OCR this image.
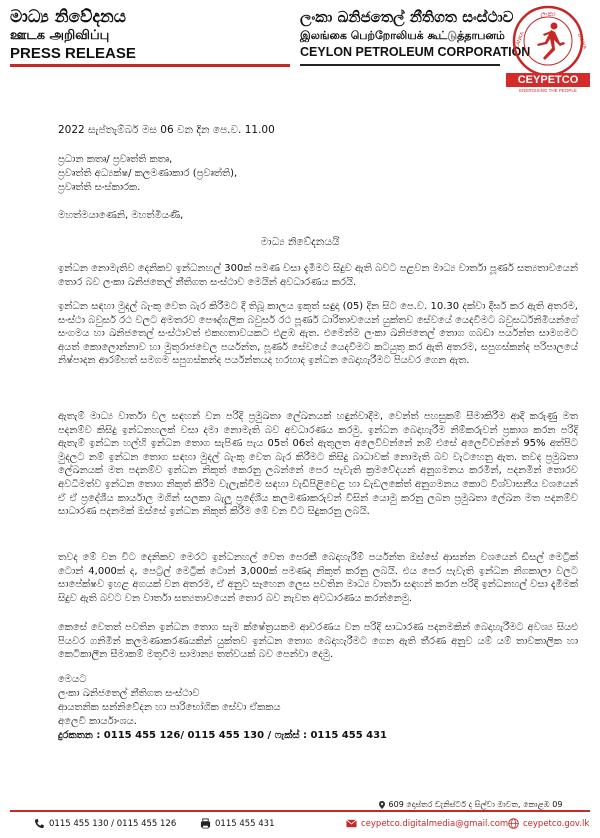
මාධ්‍ය නිවේදනය
ஊடக அறிவிப்பு
PRESS RELEASE
ලංකා ඛනිජතෙල් නීතිගත සංස්ථාව
இலங்கை பெற்றோலியக் கூட்டுத்தாபனம்
CEYLON PETROLEUM CORPORATION
ලංකා
LANKA	LANKA
CEYPETCO
ENERGISING THE PEOPLE
2022 සැප්තැම්බර් මස 06 වන දින පෙ.ව. 11.00
ප්‍රධාන කතෘ/ ප්‍රවෘත්ති කතෘ,
ප්‍රවෘත්ති අධ්‍යක්ෂ/ කලමණාකාර (ප්‍රවෘත්ති),
ප්‍රවෘත්ති සංස්කාරක.
මහත්මයාණෙනි, මහත්මියණි,
මාධ්‍ය නිවේදනයයි
ඉන්ධන නොමැතිව දෙනිකව ඉන්ධනහල් 300ක් පමණ වසා දැමීමට සිදුව ඇති බවට පළවන මාධ්‍ය වාර්තා පූර්ණ සත්‍යතාවයෙන් තොර බව ලංකා ඛනිජතෙල් නීතිගත සංස්ථාව මෙයින් අවධාරණය කරයි.
ඉන්ධන සඳහා මුදල් බැංකු වෙත බැර කිරීමට දී තිබූ කාලය ඉකුත් සඳුදා (05) දින සිට පෙ.ව. 10.30 දක්වා දීර්ඝ කර ඇති අතරම, සංස්ථා බවුසර් රථ වලට අමතරව පෞද්ගලික බවුසර් රථ පූර්ණ ධාරිතාවයෙන් යුක්තව සේවයේ යෙදවීමට බවුසර්ධනිමියන්ගේ සංගමය හා ඛනිජතෙල් සංස්ථාවත් එකඟතාවයකට එළඹ ඇත. එමෙන්ම ලංකා ඛනිජතෙල් තොග ගබඩා පර්යන්ත සාමගමට අයත් කොලොන්නාව හා මුතුරාජවෙල පර්යන්ත, පූර්ණ සේවයේ යෙදවීමට කටයුතු කර ඇති අතරම, සපුගස්කන්ද පරිපාලයේ නිෂ්පාදන ආරම්භත් සමගම සපුගස්කන්ද පර්යන්තයද හරහාද ඉන්ධන බෙදාහැරීමට පියවර ගෙන ඇත.
ඇතැම් මාධ්‍ය වාර්තා වල සඳහන් වන පරිදි ප්‍රමුඛතා ලේඛනයක් හඳුන්වාදීම, වෙන්ත් පහසුකම් සීමාකිරීම ආදී කරුණු මත පදනම්ව කිසිදු ඉන්ධනහලක් වසා දමා නොමැති බව අවධාරණය කරමු. ඉන්ධන බෙදාහැරීම නිම්කරුවන් ප්‍රකාශ කරන පරිදි ඇතැම් ඉන්ධන හල්හි ඉන්ධන තොග සැපිණ පැය 05ත් 06ත් ඇතුලත අලෙවිවන්නේ නම් එසේ අලෙවිවන්නේ 95% අත්පිට මුදලට නම් ඉන්ධන තොග සඳහා මුදල් බැංකු වෙත බැර කිරීමට කිසිදු බාධාවක් නොමැති බව වැටහෙනු ඇත. තවද ප්‍රමුඛතා ලේඛනයක් මත පදනම්ව ඉන්ධන නිකුත් කෙරනු ලබන්නේ පෙර පැවැති ක්‍රමවේදයන් අනුගමනය කරමින්, පදනමින් තොරව අවධිමත්ව ඉන්ධන තොග නිකුත් කිරීම වැලැක්වීම සඳහා වැඩිපිළිවෙළ හා ඩැඩලකේත් අනුගමනය කොට විශ්වාසනීය වශයෙන් ඒ ඒ ප්‍රදේශීය කාර්යාල මගින් සලකා බැලූ ප්‍රදේශීය කලමණාකරුවන් විසින් යොමු කරනු ලබන ප්‍රමුඛතා ලේඛන මත පදනම්ව සාධාරණ පදනමක් ඔස්සේ ඉන්ධන නිකුත් කිරීම මේ වන විට සිදුකරනු ලබයි.
තවද මේ වන විට දෙනිකව මෙරට ඉන්ධනහල් වෙත පෙරකී බෙදාහැරීම් පර්යන්ත ඔස්සේ ආසන්න වශයෙන් ඩීසල් මෙට්‍රික් ටොන් 4,000ක් ද, පෙට්‍රල් මෙට්‍රික් ටොන් 3,000ක් පමණද නිකුත් කරනු ලබයි. එය පෙර පැවැති ඉන්ධන නිගකාලා වලට සාපේක්ෂව ඉහළ අගයක් වන අතරම, ඒ අනුව සෑහෙන ලෙස පවතින මාධ්‍ය වාර්තා සඳහන් කරන පරිදි ඉන්ධනහල් වසා දැමීමක් සිදුව ඇති බවට වන වාර්තා සත්‍යතාවයෙන් තොර බව නැවත අවධාරණය කරන්නෙමු.
කෙසේ වෙතත් පවතින ඉන්ධන තොග සැම ක්ෂේත්‍රයකම ආවරණය වන පරිදි සාධාරණ පදනමකින් බෙදාහැරීමට අවශ්‍ය සියළු පියවර ගනිමින් කලමණාකරණයකින් යුක්තව ඉන්ධන තොග බෙදාහැරීමට ගෙන ඇති තීරණ අනුව යම් යම් තාවකාලික හා කෙටිකාලීන සීමාකම් මතුවීම සාමාන්‍ය තත්වයක් බව පෙන්වා දෙමු.
මෙයට
ලංකා ඛනිජතෙල් නීතිගත සංස්ථාව
ආයතනික සන්නිවේදන හා පාරිභෝගික සේවා ඒකකය
අලෙවි කාර්යාංශය.
දුරකතන : 0115 455 126/ 0115 455 130 / ෆැක්ස් : 0115 455 431
609 දොස්තර ඩැනිස්ටර් ද සිල්වා මාවත, කොළඹ 09
0115 455 130 / 0115 455 126	0115 455 431	ceypetco.digitalmedia@gmail.com ceypetco.gov.lk
